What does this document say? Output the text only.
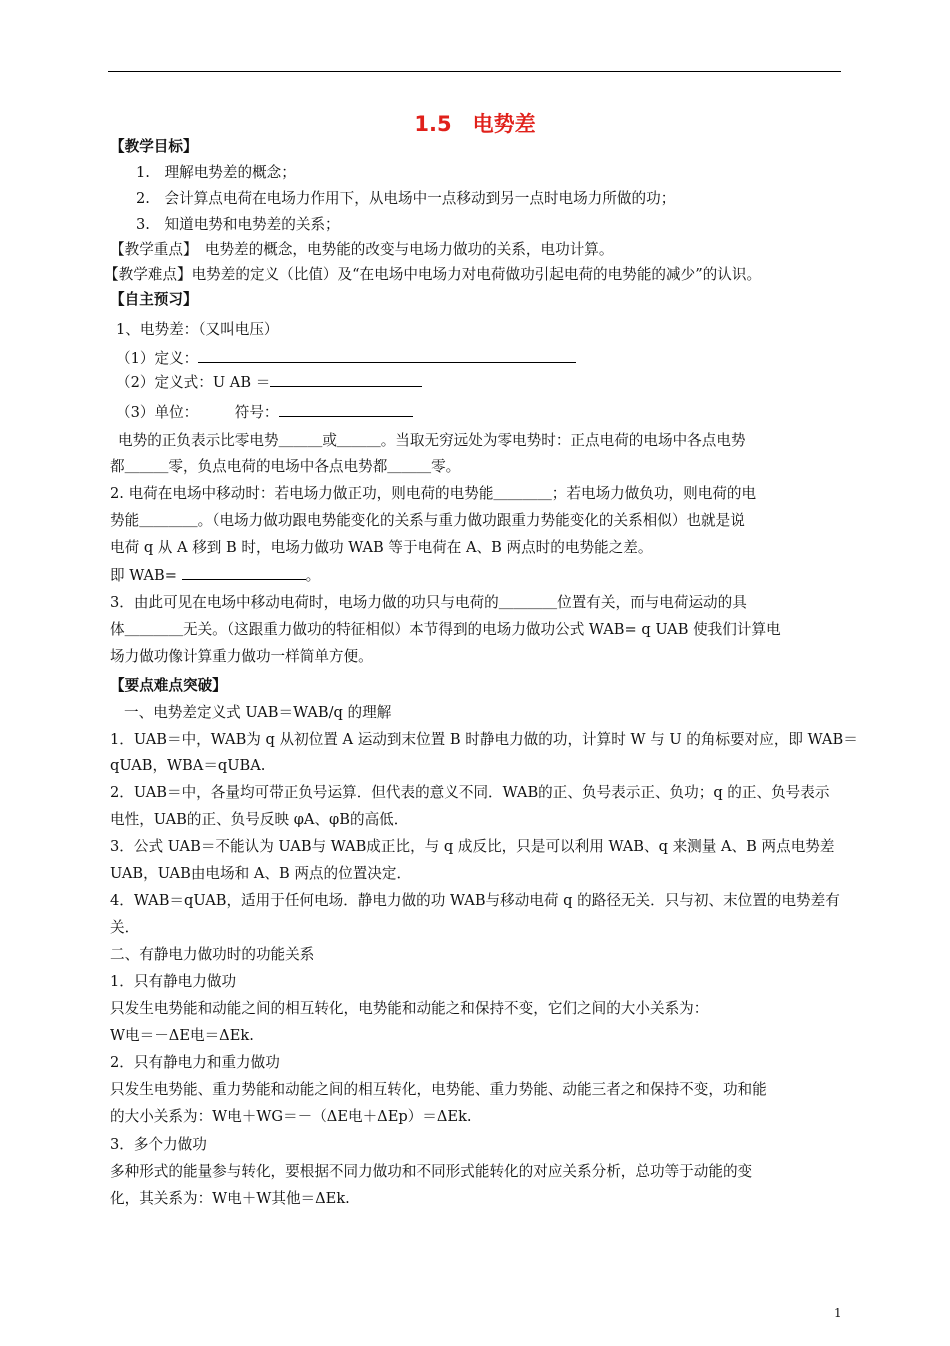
1.5　电势差
【教学目标】
1.　理解电势差的概念；
2.　会计算点电荷在电场力作用下，从电场中一点移动到另一点时电场力所做的功；
3.　知道电势和电势差的关系；
【教学重点】　电势差的概念，电势能的改变与电场力做功的关系，电功计算。
【教学难点】电势差的定义（比值）及“在电场中电场力对电荷做功引起电荷的电势能的减少”的认识。
【自主预习】
1、电势差：（又叫电压）
（1）定义：
（2）定义式：U AB ＝
（3）单位：　　　符号：
电势的正负表示比零电势＿＿＿或＿＿＿。当取无穷远处为零电势时：正点电荷的电场中各点电势
都＿＿＿零，负点电荷的电场中各点电势都＿＿＿零。
2. 电荷在电场中移动时：若电场力做正功，则电荷的电势能＿＿＿＿；若电场力做负功，则电荷的电
势能＿＿＿＿。（电场力做功跟电势能变化的关系与重力做功跟重力势能变化的关系相似）也就是说
电荷 q 从 A 移到 B 时，电场力做功 WAB 等于电荷在 A、B 两点时的电势能之差。
即 WAB=	。
3．由此可见在电场中移动电荷时，电场力做的功只与电荷的＿＿＿＿位置有关，而与电荷运动的具
体＿＿＿＿无关。（这跟重力做功的特征相似）本节得到的电场力做功公式 WAB= q UAB 使我们计算电
场力做功像计算重力做功一样简单方便。
【要点难点突破】
一、电势差定义式 UAB＝WAB/q 的理解
1．UAB＝中，WAB为 q 从初位置 A 运动到末位置 B 时静电力做的功，计算时 W 与 U 的角标要对应，即 WAB＝
qUAB，WBA＝qUBA.
2．UAB＝中，各量均可带正负号运算．但代表的意义不同．WAB的正、负号表示正、负功；q 的正、负号表示
电性，UAB的正、负号反映 φA、φB的高低．
3．公式 UAB＝不能认为 UAB与 WAB成正比，与 q 成反比，只是可以利用 WAB、q 来测量 A、B 两点电势差
UAB，UAB由电场和 A、B 两点的位置决定．
4．WAB＝qUAB，适用于任何电场．静电力做的功 WAB与移动电荷 q 的路径无关．只与初、末位置的电势差有
关．
二、有静电力做功时的功能关系
1．只有静电力做功
只发生电势能和动能之间的相互转化，电势能和动能之和保持不变，它们之间的大小关系为：
W电＝－ΔE电＝ΔEk.
2．只有静电力和重力做功
只发生电势能、重力势能和动能之间的相互转化，电势能、重力势能、动能三者之和保持不变，功和能
的大小关系为：W电＋WG＝－（ΔE电＋ΔEp）＝ΔEk.
3．多个力做功
多种形式的能量参与转化，要根据不同力做功和不同形式能转化的对应关系分析，总功等于动能的变
化，其关系为：W电＋W其他＝ΔEk.
1
